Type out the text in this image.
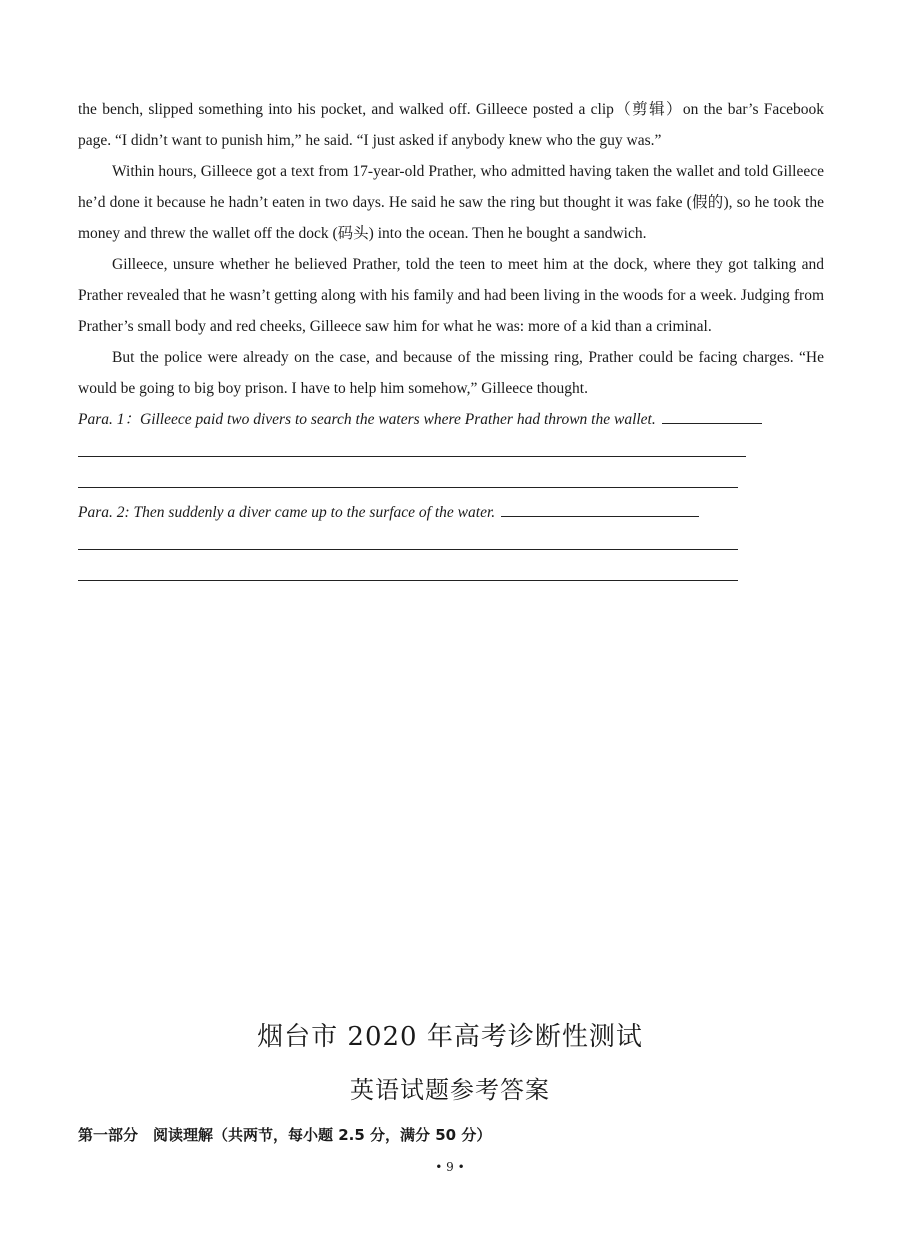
the bench, slipped something into his pocket, and walked off. Gilleece posted a clip（剪辑）on the bar’s Facebook page. “I didn’t want to punish him,” he said. “I just asked if anybody knew who the guy was.”

Within hours, Gilleece got a text from 17-year-old Prather, who admitted having taken the wallet and told Gilleece he’d done it because he hadn’t eaten in two days. He said he saw the ring but thought it was fake (假的), so he took the money and threw the wallet off the dock (码头) into the ocean. Then he bought a sandwich.

Gilleece, unsure whether he believed Prather, told the teen to meet him at the dock, where they got talking and Prather revealed that he wasn’t getting along with his family and had been living in the woods for a week. Judging from Prather’s small body and red cheeks, Gilleece saw him for what he was: more of a kid than a criminal.

But the police were already on the case, and because of the missing ring, Prather could be facing charges. “He would be going to big boy prison. I have to help him somehow,” Gilleece thought.

Para. 1：Gilleece paid two divers to search the waters where Prather had thrown the wallet.

Para. 2: Then suddenly a diver came up to the surface of the water.

烟台市 2020 年高考诊断性测试
英语试题参考答案
第一部分　阅读理解（共两节，每小题 2.5 分，满分 50 分）
• 9 •
